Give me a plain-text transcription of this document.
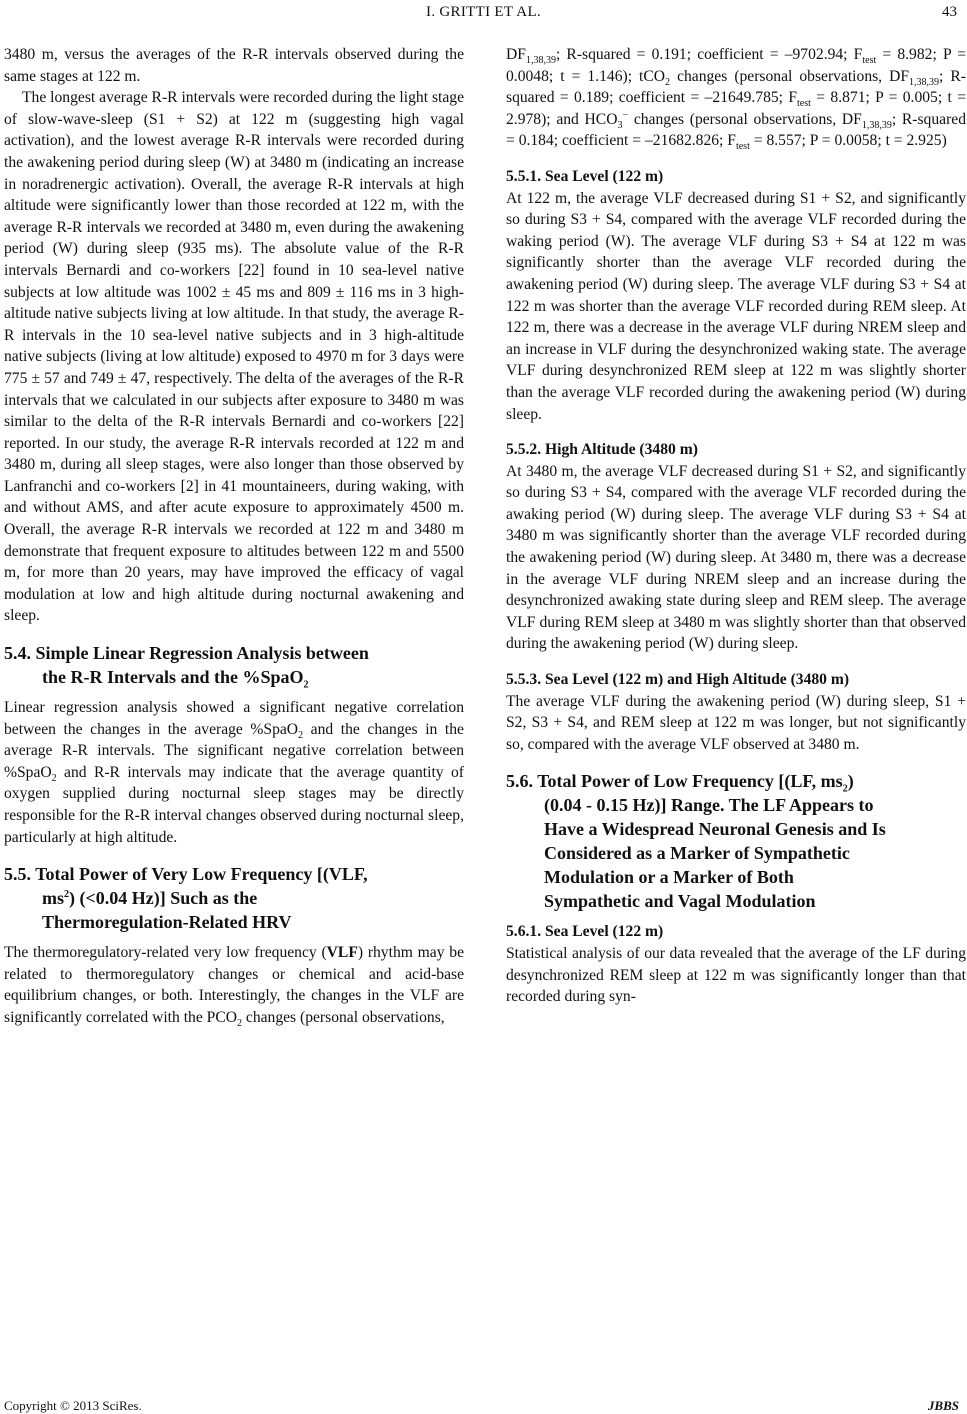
I. GRITTI ET AL.	43

3480 m, versus the averages of the R-R intervals observed during the same stages at 122 m.

The longest average R-R intervals were recorded during the light stage of slow-wave-sleep (S1 + S2) at 122 m (suggesting high vagal activation), and the lowest average R-R intervals were recorded during the awakening period during sleep (W) at 3480 m (indicating an increase in noradrenergic activation). Overall, the average R-R intervals at high altitude were significantly lower than those recorded at 122 m, with the average R-R intervals we recorded at 3480 m, even during the awakening period (W) during sleep (935 ms). The absolute value of the R-R intervals Bernardi and co-workers [22] found in 10 sea-level native subjects at low altitude was 1002 ± 45 ms and 809 ± 116 ms in 3 high-altitude native subjects living at low altitude. In that study, the average R-R intervals in the 10 sea-level native subjects and in 3 high-altitude native subjects (living at low altitude) exposed to 4970 m for 3 days were 775 ± 57 and 749 ± 47, respectively. The delta of the averages of the R-R intervals that we calculated in our subjects after exposure to 3480 m was similar to the delta of the R-R intervals Bernardi and co-workers [22] reported. In our study, the average R-R intervals recorded at 122 m and 3480 m, during all sleep stages, were also longer than those observed by Lanfranchi and co-workers [2] in 41 mountaineers, during waking, with and without AMS, and after acute exposure to approximately 4500 m. Overall, the average R-R intervals we recorded at 122 m and 3480 m demonstrate that frequent exposure to altitudes between 122 m and 5500 m, for more than 20 years, may have improved the efficacy of vagal modulation at low and high altitude during nocturnal awakening and sleep.

5.4. Simple Linear Regression Analysis between
the R-R Intervals and the %SpaO$_2$

Linear regression analysis showed a significant negative correlation between the changes in the average %SpaO$_2$ and the changes in the average R-R intervals. The significant negative correlation between %SpaO$_2$ and R-R intervals may indicate that the average quantity of oxygen supplied during nocturnal sleep stages may be directly responsible for the R-R interval changes observed during nocturnal sleep, particularly at high altitude.

5.5. Total Power of Very Low Frequency [(VLF,
$ms^2$) (<0.04 Hz)] Such as the
Thermoregulation-Related HRV

The thermoregulatory-related very low frequency (VLF) rhythm may be related to thermoregulatory changes or chemical and acid-base equilibrium changes, or both. Interestingly, the changes in the VLF are significantly correlated with the $PCO_2$ changes (personal observations,

$DF_{1,38,39}$; R-squared = 0.191; coefficient = –9702.94; $F_{test} = 8.982$; P = 0.0048; t = 1.146); tCO$_2$ changes (personal observations, $DF_{1,38,39}$; R-squared = 0.189; coefficient = –21649.785; $F_{test} = 8.871$; P = 0.005; t = 2.978); and $HCO_3^-$ changes (personal observations, $DF_{1,38,39}$; R-squared = 0.184; coefficient = –21682.826; $F_{test} = 8.557$; P = 0.0058; t = 2.925)

5.5.1. Sea Level (122 m)

At 122 m, the average VLF decreased during S1 + S2, and significantly so during S3 + S4, compared with the average VLF recorded during the waking period (W). The average VLF during S3 + S4 at 122 m was significantly shorter than the average VLF recorded during the awakening period (W) during sleep. The average VLF during S3 + S4 at 122 m was shorter than the average VLF recorded during REM sleep. At 122 m, there was a decrease in the average VLF during NREM sleep and an increase in VLF during the desynchronized waking state. The average VLF during desynchronized REM sleep at 122 m was slightly shorter than the average VLF recorded during the awakening period (W) during sleep.

5.5.2. High Altitude (3480 m)

At 3480 m, the average VLF decreased during S1 + S2, and significantly so during S3 + S4, compared with the average VLF recorded during the awaking period (W) during sleep. The average VLF during S3 + S4 at 3480 m was significantly shorter than the average VLF recorded during the awakening period (W) during sleep. At 3480 m, there was a decrease in the average VLF during NREM sleep and an increase during the desynchronized awaking state during sleep and REM sleep. The average VLF during REM sleep at 3480 m was slightly shorter than that observed during the awakening period (W) during sleep.

5.5.3. Sea Level (122 m) and High Altitude (3480 m)

The average VLF during the awakening period (W) during sleep, S1 + S2, S3 + S4, and REM sleep at 122 m was longer, but not significantly so, compared with the average VLF observed at 3480 m.

5.6. Total Power of Low Frequency [(LF, $ms_2$)
(0.04 - 0.15 Hz)] Range. The LF Appears to
Have a Widespread Neuronal Genesis and Is
Considered as a Marker of Sympathetic
Modulation or a Marker of Both
Sympathetic and Vagal Modulation
5.6.1. Sea Level (122 m)

Statistical analysis of our data revealed that the average of the LF during desynchronized REM sleep at 122 m was significantly longer than that recorded during syn-

Copyright © 2013 SciRes.	JBBS
